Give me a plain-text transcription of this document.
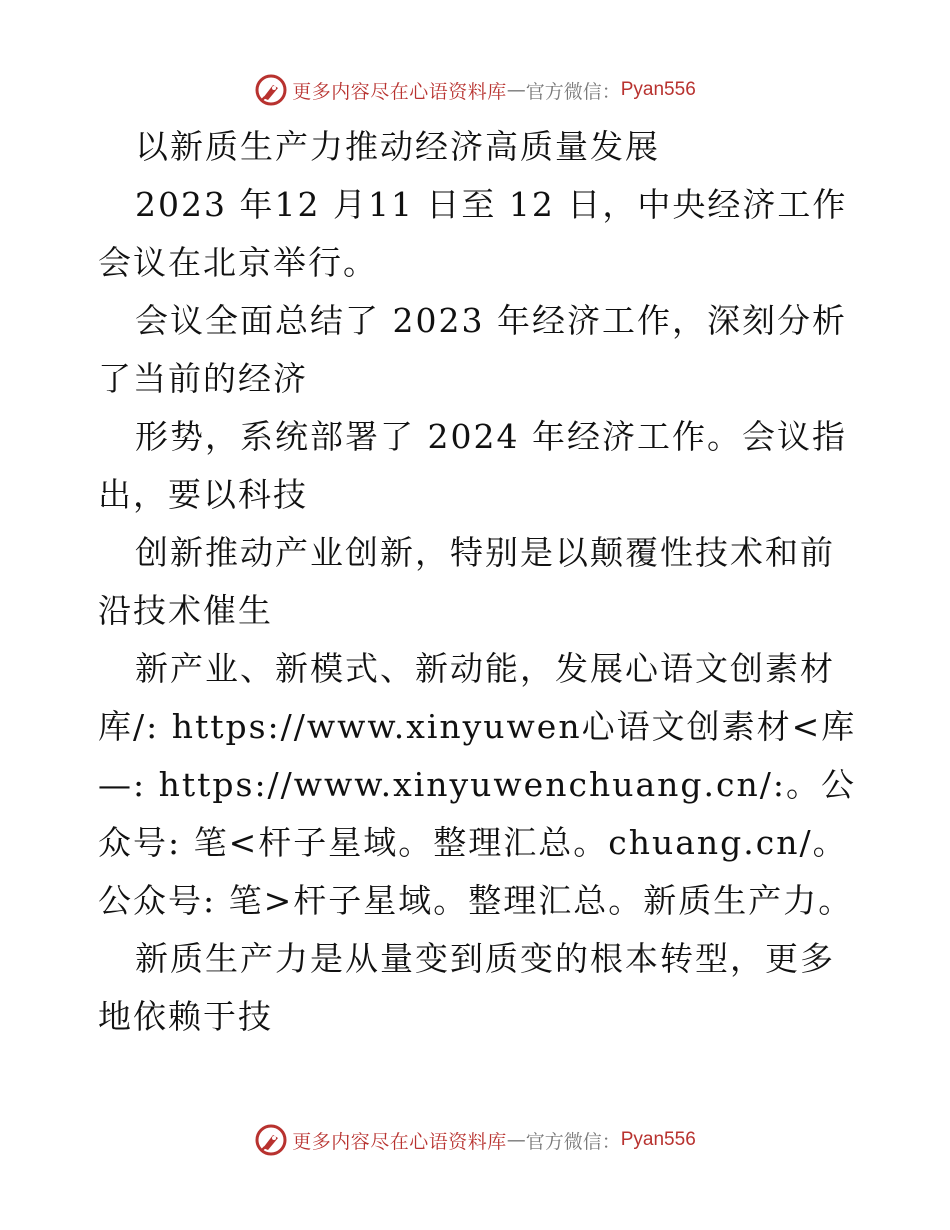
更多内容尽在心语资料库 — 官方微信： Pyan556

以新质生产力推动经济高质量发展

2023 年12 月11 日至 12 日，中央经济工作会议在北京举行。

会议全面总结了 2023 年经济工作，深刻分析了当前的经济

形势，系统部署了 2024 年经济工作。会议指出，要以科技

创新推动产业创新，特别是以颠覆性技术和前沿技术催生

新产业、新模式、新动能，发展心语文创素材库/: https://www.xinyuwen心语文创素材<库—: https://www.xinyuwenchuang.cn/:。公众号: 笔<杆子星域。整理汇总。chuang.cn/。公众号: 笔>杆子星域。整理汇总。新质生产力。

新质生产力是从量变到质变的根本转型，更多地依赖于技

更多内容尽在心语资料库 — 官方微信： Pyan556
